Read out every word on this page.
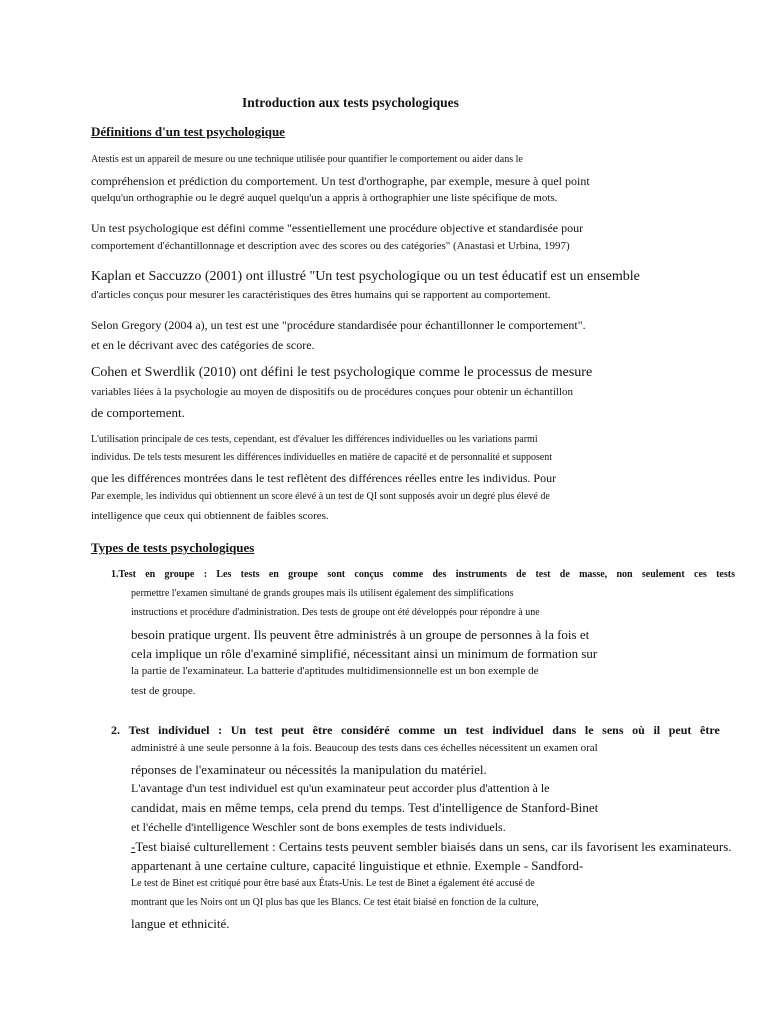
Introduction aux tests psychologiques
Définitions d'un test psychologique
Atestis est un appareil de mesure ou une technique utilisée pour quantifier le comportement ou aider dans le
compréhension et prédiction du comportement. Un test d'orthographe, par exemple, mesure à quel point
quelqu'un orthographie ou le degré auquel quelqu'un a appris à orthographier une liste spécifique de mots.
Un test psychologique est défini comme "essentiellement une procédure objective et standardisée pour
comportement d'échantillonnage et description avec des scores ou des catégories" (Anastasi et Urbina, 1997)
Kaplan et Saccuzzo (2001) ont illustré "Un test psychologique ou un test éducatif est un ensemble
d'articles conçus pour mesurer les caractéristiques des êtres humains qui se rapportent au comportement.
Selon Gregory (2004 a), un test est une "procédure standardisée pour échantillonner le comportement".
et en le décrivant avec des catégories de score.
Cohen et Swerdlik (2010) ont défini le test psychologique comme le processus de mesure
variables liées à la psychologie au moyen de dispositifs ou de procédures conçues pour obtenir un échantillon
de comportement.
L'utilisation principale de ces tests, cependant, est d'évaluer les différences individuelles ou les variations parmi
individus. De tels tests mesurent les différences individuelles en matière de capacité et de personnalité et supposent
que les différences montrées dans le test reflètent des différences réelles entre les individus. Pour
Par exemple, les individus qui obtiennent un score élevé à un test de QI sont supposés avoir un degré plus élevé de
intelligence que ceux qui obtiennent de faibles scores.
Types de tests psychologiques
1.Test en groupe : Les tests en groupe sont conçus comme des instruments de test de masse, non seulement ces tests
permettre l'examen simultané de grands groupes mais ils utilisent également des simplifications
instructions et procédure d'administration. Des tests de groupe ont été développés pour répondre à une
besoin pratique urgent. Ils peuvent être administrés à un groupe de personnes à la fois et
cela implique un rôle d'examiné simplifié, nécessitant ainsi un minimum de formation sur
la partie de l'examinateur. La batterie d'aptitudes multidimensionnelle est un bon exemple de
test de groupe.
2. Test individuel : Un test peut être considéré comme un test individuel dans le sens où il peut être
administré à une seule personne à la fois. Beaucoup des tests dans ces échelles nécessitent un examen oral
réponses de l'examinateur ou nécessités la manipulation du matériel.
L'avantage d'un test individuel est qu'un examinateur peut accorder plus d'attention à le
candidat, mais en même temps, cela prend du temps. Test d'intelligence de Stanford-Binet
et l'échelle d'intelligence Weschler sont de bons exemples de tests individuels.
-Test biaisé culturellement : Certains tests peuvent sembler biaisés dans un sens, car ils favorisent les examinateurs.
appartenant à une certaine culture, capacité linguistique et ethnie. Exemple - Sandford-
Le test de Binet est critiqué pour être basé aux États-Unis. Le test de Binet a également été accusé de
montrant que les Noirs ont un QI plus bas que les Blancs. Ce test était biaisé en fonction de la culture,
langue et ethnicité.
